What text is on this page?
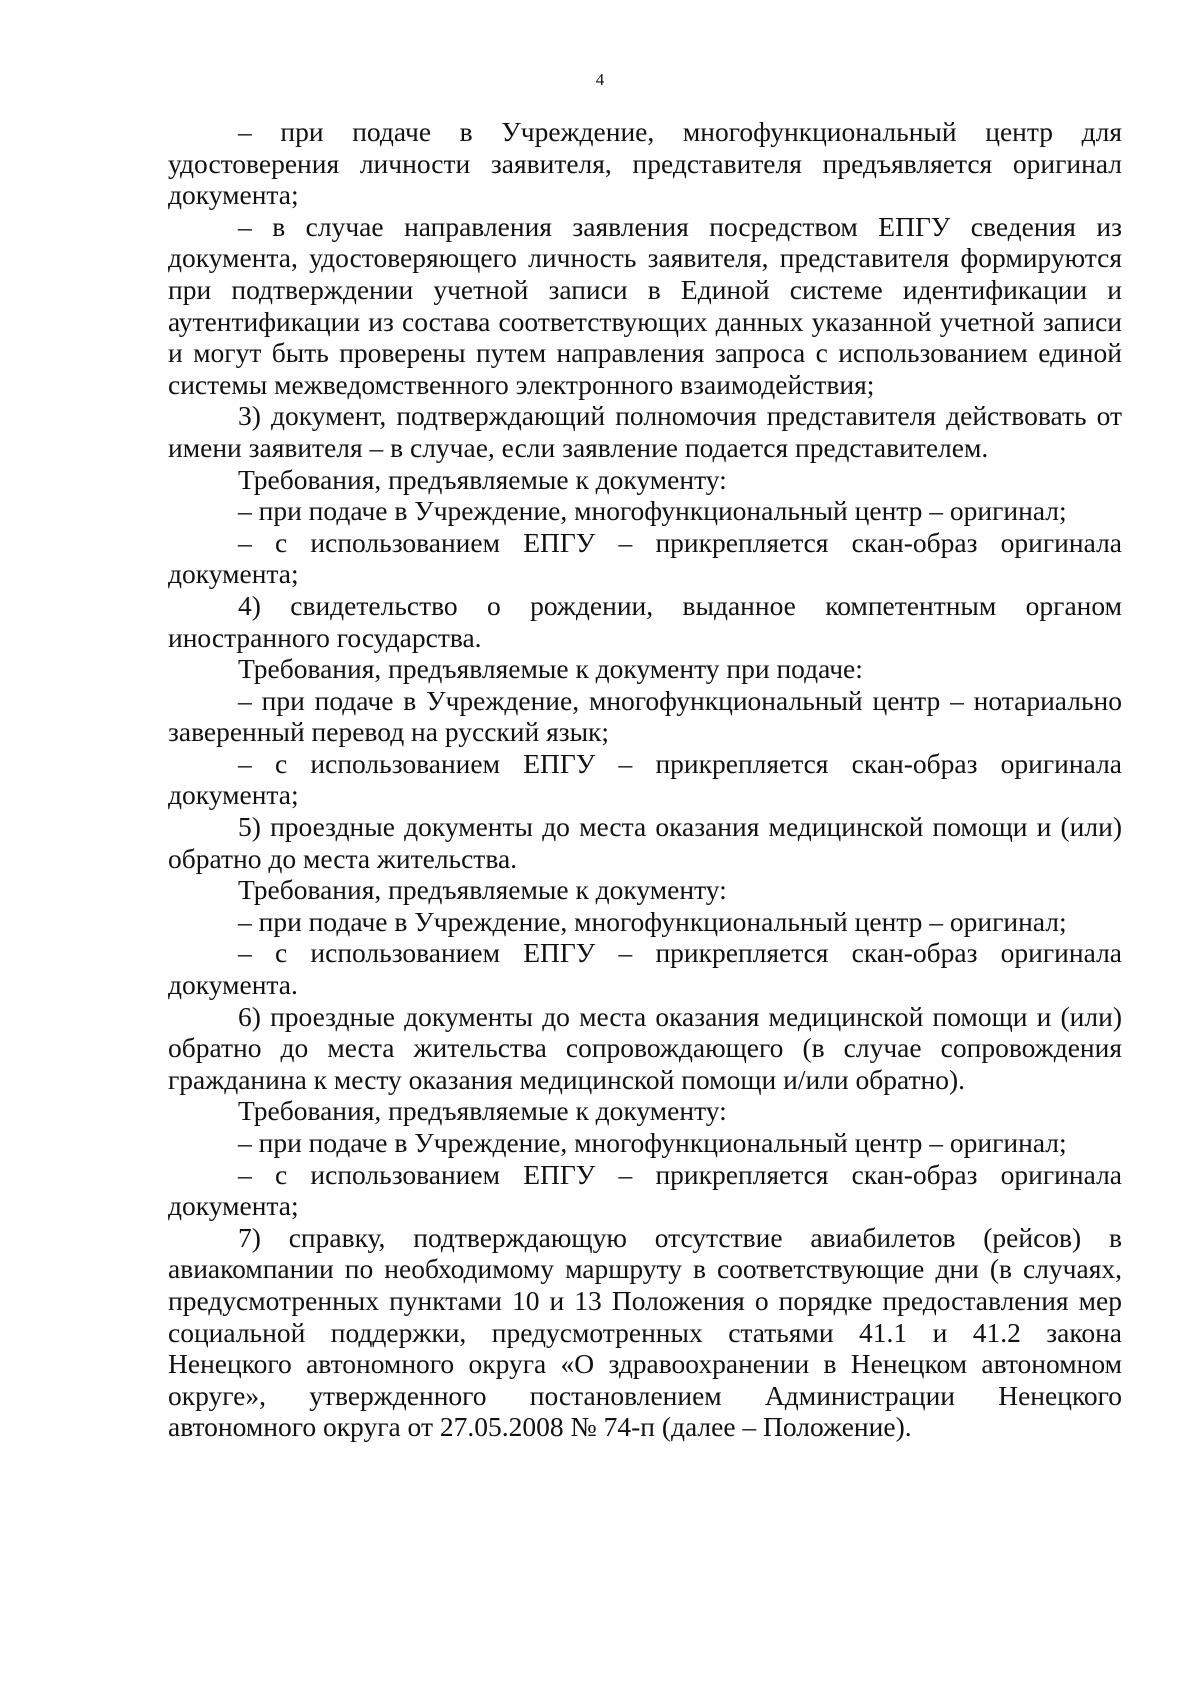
4

– при подаче в Учреждение, многофункциональный центр для удостоверения личности заявителя, представителя предъявляется оригинал документа;

– в случае направления заявления посредством ЕПГУ сведения из документа, удостоверяющего личность заявителя, представителя формируются при подтверждении учетной записи в Единой системе идентификации и аутентификации из состава соответствующих данных указанной учетной записи и могут быть проверены путем направления запроса с использованием единой системы межведомственного электронного взаимодействия;

3) документ, подтверждающий полномочия представителя действовать от имени заявителя – в случае, если заявление подается представителем.

Требования, предъявляемые к документу:

– при подаче в Учреждение, многофункциональный центр – оригинал;

– с использованием ЕПГУ – прикрепляется скан-образ оригинала документа;

4) свидетельство о рождении, выданное компетентным органом иностранного государства.

Требования, предъявляемые к документу при подаче:

– при подаче в Учреждение, многофункциональный центр – нотариально заверенный перевод на русский язык;

– с использованием ЕПГУ – прикрепляется скан-образ оригинала документа;

5) проездные документы до места оказания медицинской помощи и (или) обратно до места жительства.

Требования, предъявляемые к документу:

– при подаче в Учреждение, многофункциональный центр – оригинал;

– с использованием ЕПГУ – прикрепляется скан-образ оригинала документа.

6) проездные документы до места оказания медицинской помощи и (или) обратно до места жительства сопровождающего (в случае сопровождения гражданина к месту оказания медицинской помощи и/или обратно).

Требования, предъявляемые к документу:

– при подаче в Учреждение, многофункциональный центр – оригинал;

– с использованием ЕПГУ – прикрепляется скан-образ оригинала документа;

7) справку, подтверждающую отсутствие авиабилетов (рейсов) в авиакомпании по необходимому маршруту в соответствующие дни (в случаях, предусмотренных пунктами 10 и 13 Положения о порядке предоставления мер социальной поддержки, предусмотренных статьями 41.1 и 41.2 закона Ненецкого автономного округа «О здравоохранении в Ненецком автономном округе», утвержденного постановлением Администрации Ненецкого автономного округа от 27.05.2008 № 74-п (далее – Положение).
